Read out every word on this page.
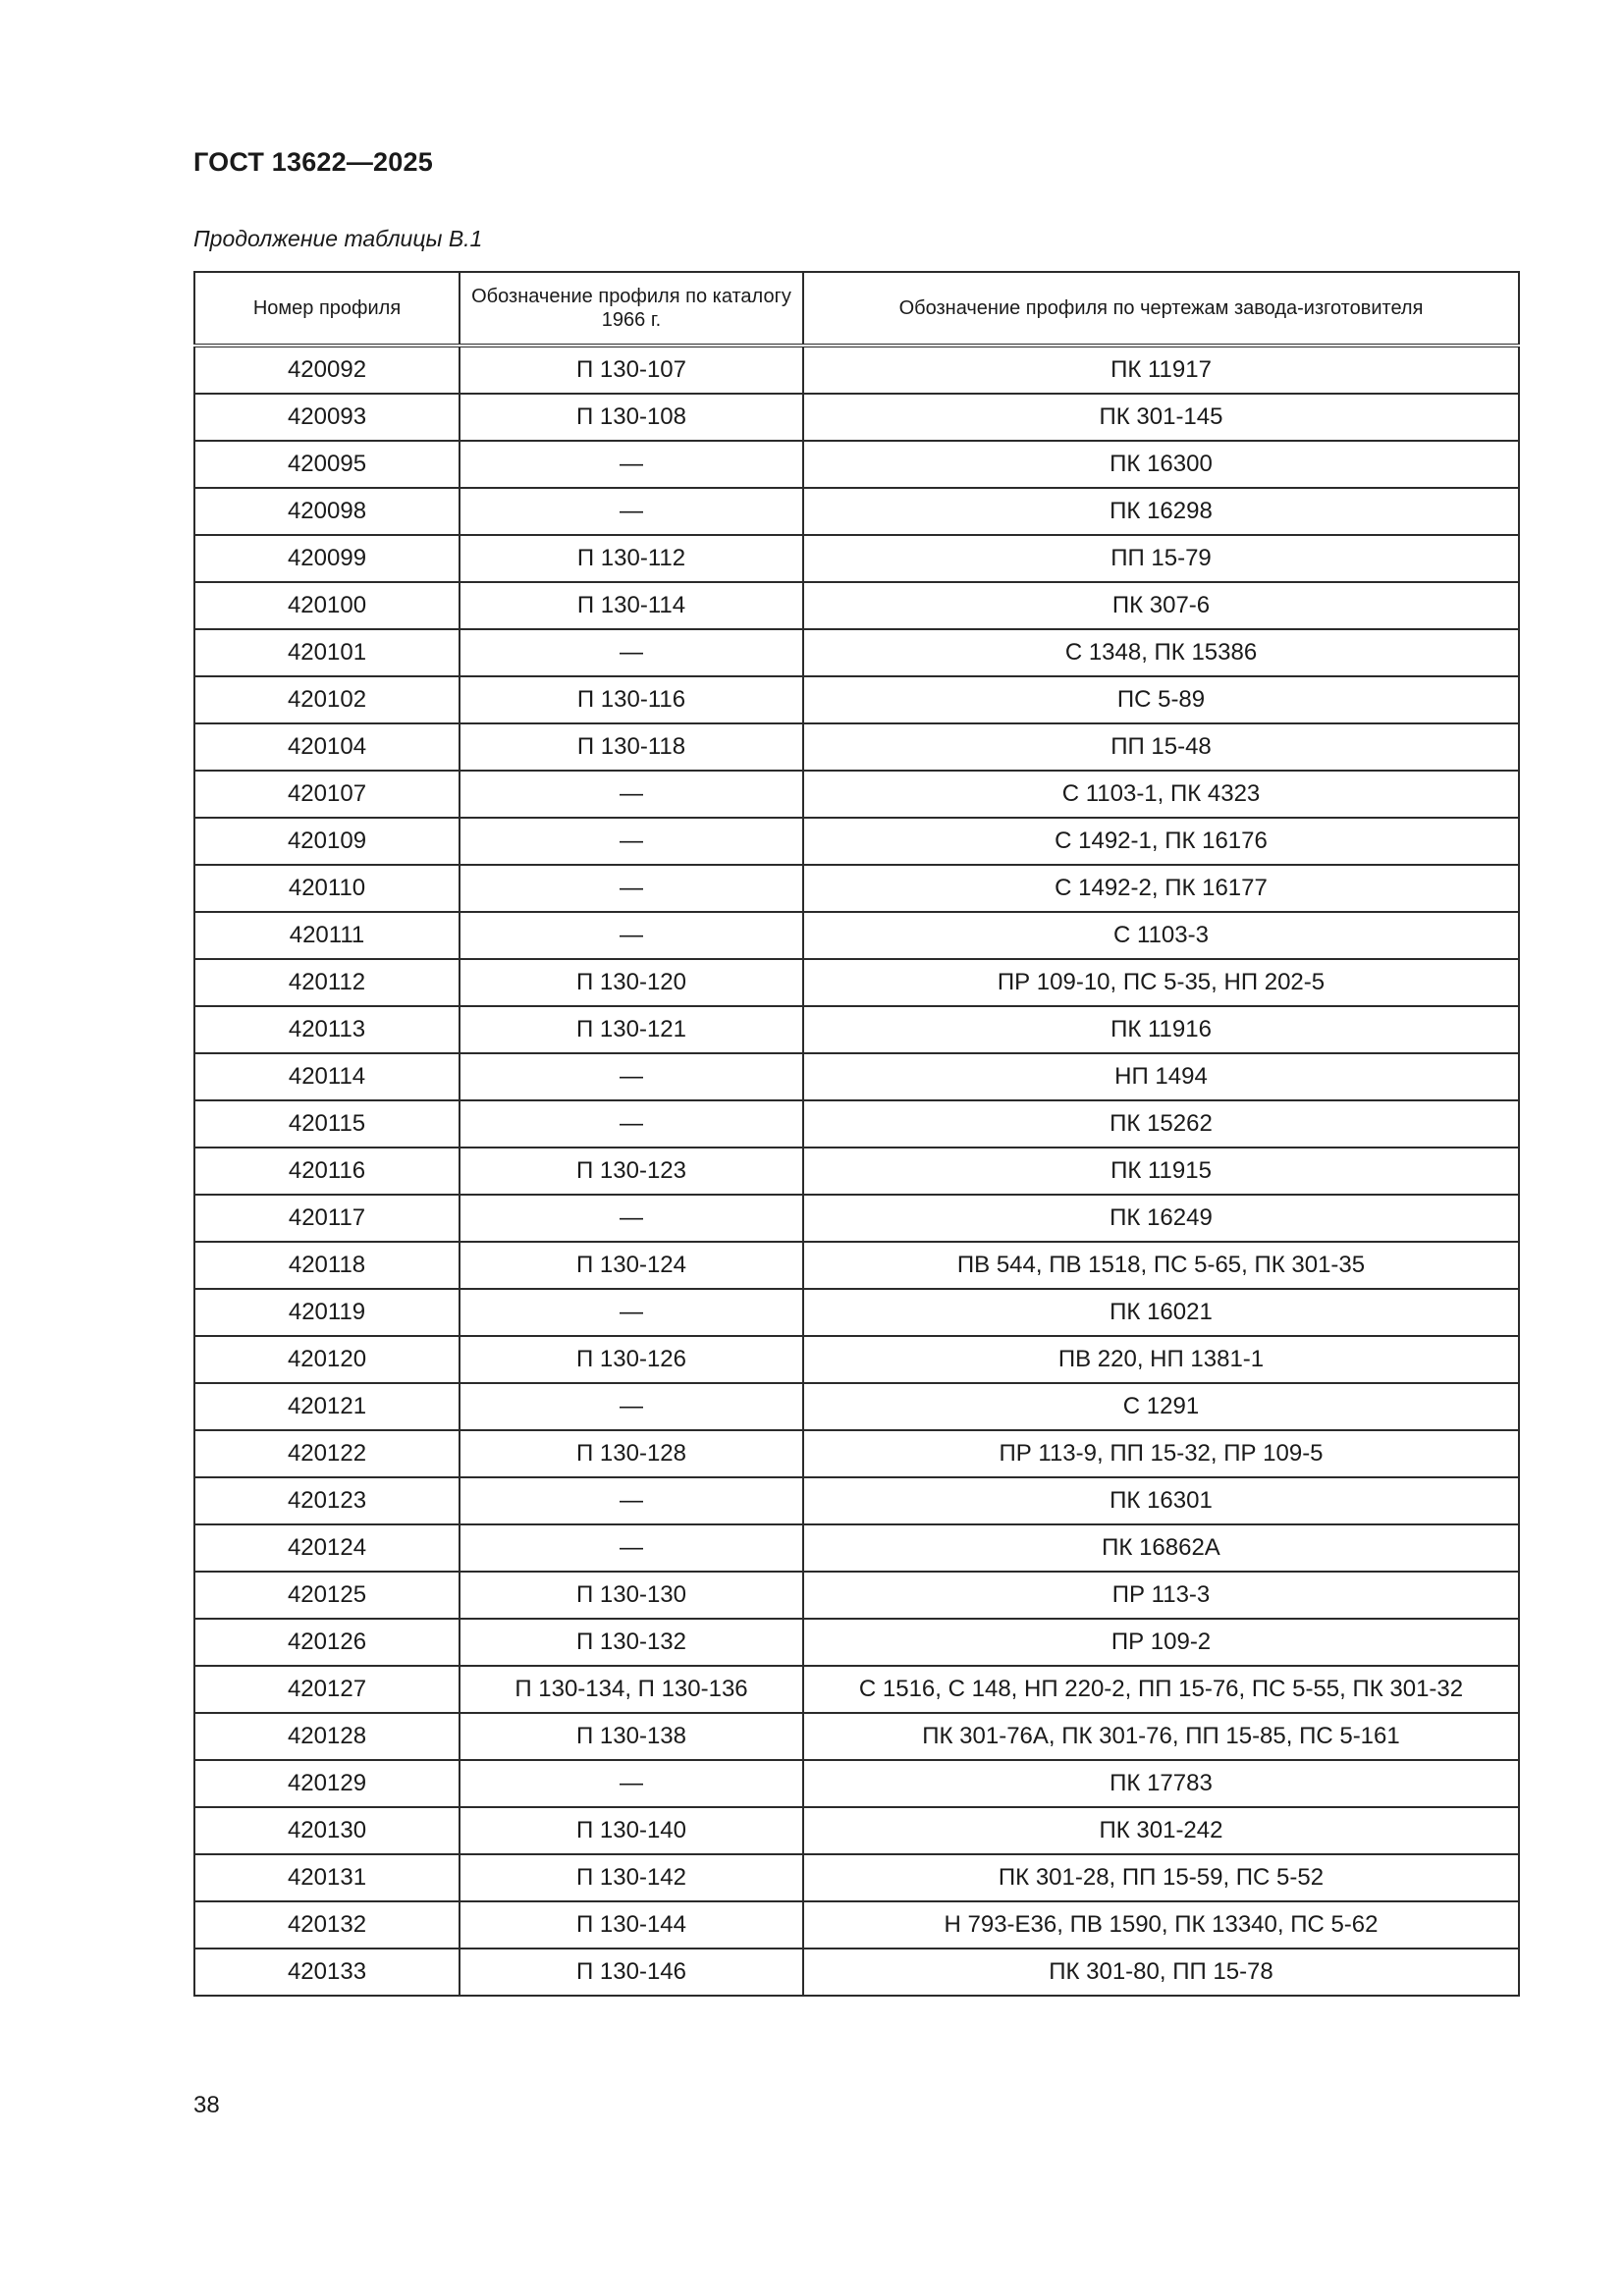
ГОСТ 13622—2025
Продолжение таблицы В.1
Номер профиля	Обозначение профиля по каталогу 1966 г.	Обозначение профиля по чертежам завода-изготовителя
420092	П 130-107	ПК 11917
420093	П 130-108	ПК 301-145
420095	—	ПК 16300
420098	—	ПК 16298
420099	П 130-112	ПП 15-79
420100	П 130-114	ПК 307-6
420101	—	С 1348, ПК 15386
420102	П 130-116	ПС 5-89
420104	П 130-118	ПП 15-48
420107	—	С 1103-1, ПК 4323
420109	—	С 1492-1, ПК 16176
420110	—	С 1492-2, ПК 16177
420111	—	С 1103-3
420112	П 130-120	ПР 109-10, ПС 5-35, НП 202-5
420113	П 130-121	ПК 11916
420114	—	НП 1494
420115	—	ПК 15262
420116	П 130-123	ПК 11915
420117	—	ПК 16249
420118	П 130-124	ПВ 544, ПВ 1518, ПС 5-65, ПК 301-35
420119	—	ПК 16021
420120	П 130-126	ПВ 220, НП 1381-1
420121	—	С 1291
420122	П 130-128	ПР 113-9, ПП 15-32, ПР 109-5
420123	—	ПК 16301
420124	—	ПК 16862А
420125	П 130-130	ПР 113-3
420126	П 130-132	ПР 109-2
420127	П 130-134, П 130-136	С 1516, С 148, НП 220-2, ПП 15-76, ПС 5-55, ПК 301-32
420128	П 130-138	ПК 301-76А, ПК 301-76, ПП 15-85, ПС 5-161
420129	—	ПК 17783
420130	П 130-140	ПК 301-242
420131	П 130-142	ПК 301-28, ПП 15-59, ПС 5-52
420132	П 130-144	Н 793-Е36, ПВ 1590, ПК 13340, ПС 5-62
420133	П 130-146	ПК 301-80, ПП 15-78
38
